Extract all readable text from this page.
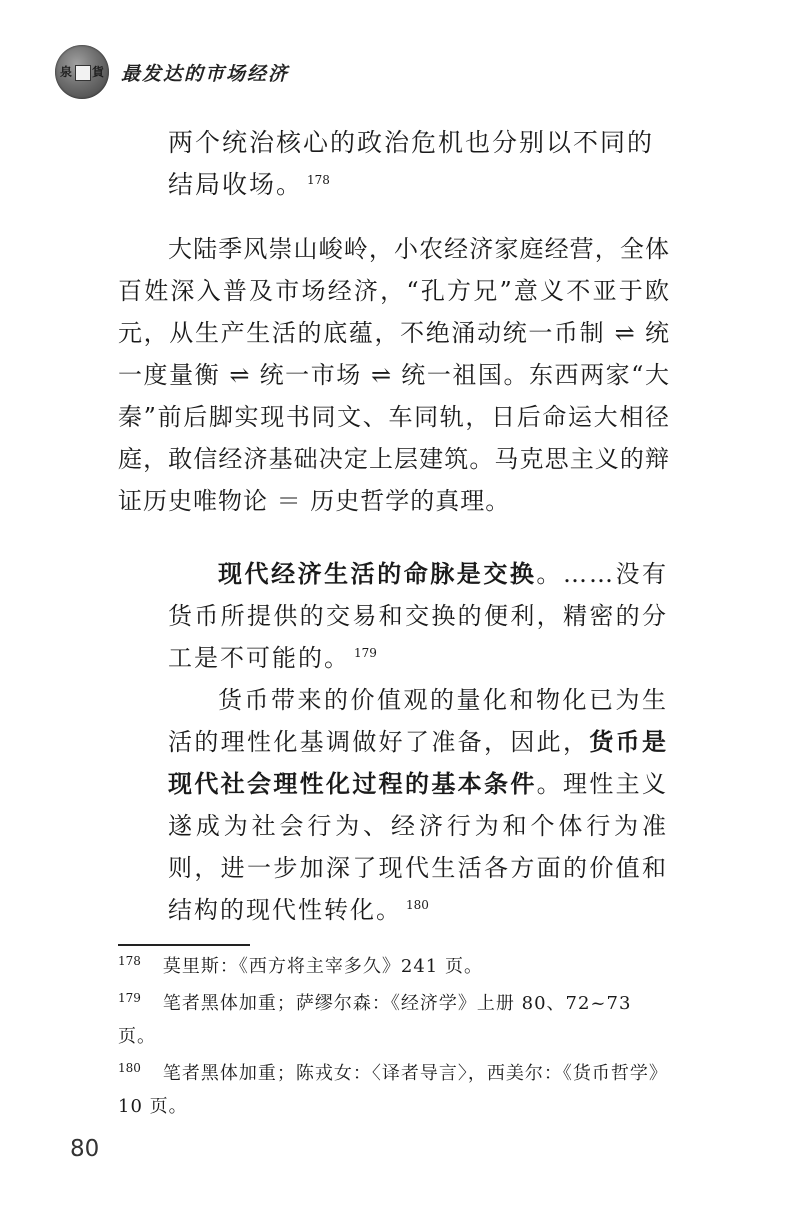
泉 貨 最发达的市场经济

两个统治核心的政治危机也分别以不同的结局收场。 $^{178}$

大陆季风崇山峻岭，小农经济家庭经营，全体百姓深入普及市场经济，“孔方兄”意义不亚于欧元，从生产生活的底蕴，不绝涌动统一币制 ⇌ 统一度量衡 ⇌ 统一市场 ⇌ 统一祖国。东西两家“大秦”前后脚实现书同文、车同轨，日后命运大相径庭，敢信经济基础决定上层建筑。马克思主义的辩证历史唯物论 ＝ 历史哲学的真理。

现代经济生活的命脉是交换。……没有货币所提供的交易和交换的便利，精密的分工是不可能的。 $^{179}$

货币带来的价值观的量化和物化已为生活的理性化基调做好了准备，因此，货币是现代社会理性化过程的基本条件。理性主义遂成为社会行为、经济行为和个体行为准则，进一步加深了现代生活各方面的价值和结构的现代性转化。 $^{180}$

$^{178}$ 莫里斯：《西方将主宰多久》241 页。

$^{179}$ 笔者黑体加重；萨缪尔森：《经济学》上册 80、72~73 页。

$^{180}$ 笔者黑体加重；陈戎女：〈译者导言〉，西美尔：《货币哲学》10 页。

80
